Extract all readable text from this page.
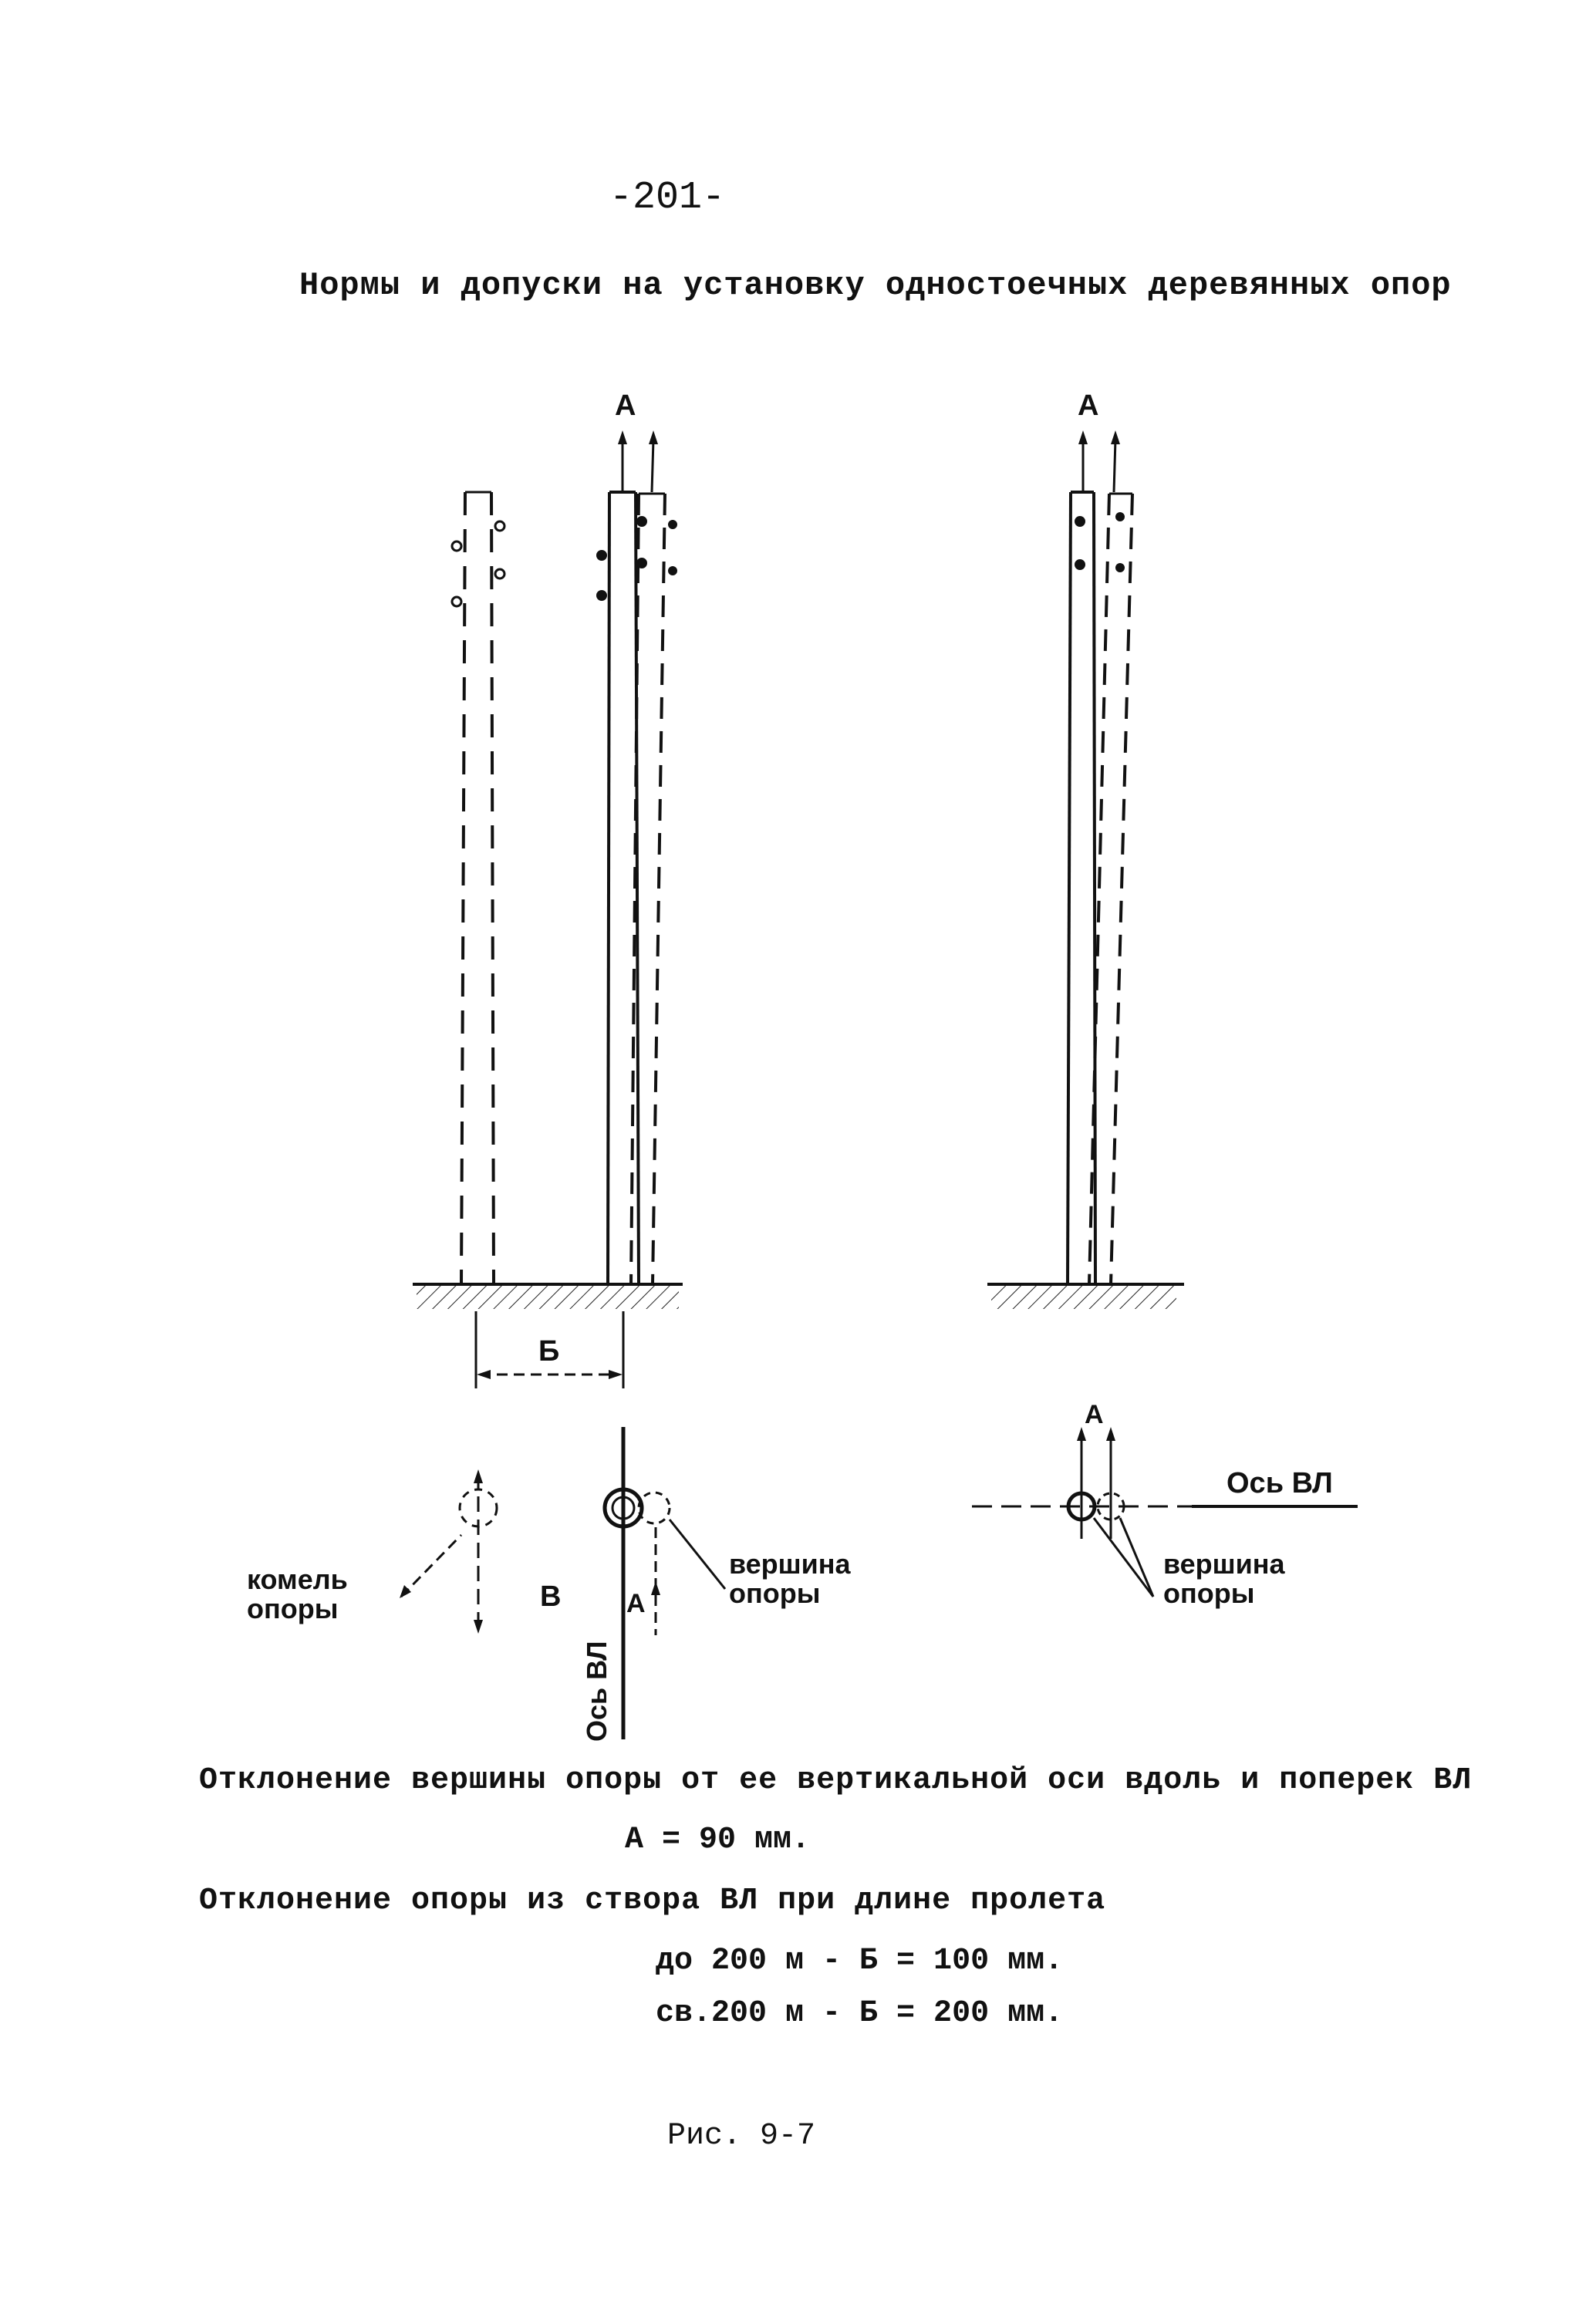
-201-
Нормы и допуски на установку одностоечных деревянных опор
А
Б
А
В
комель
опоры	А
вершина
опоры
Ось ВЛ
Ось ВЛ
А
вершина
опоры
Отклонение вершины опоры от ее вертикальной оси вдоль и поперек ВЛ
А = 90 мм.
Отклонение опоры из створа ВЛ при длине пролета
до 200 м - Б = 100 мм.
св.200 м - Б = 200 мм.
Рис. 9-7
